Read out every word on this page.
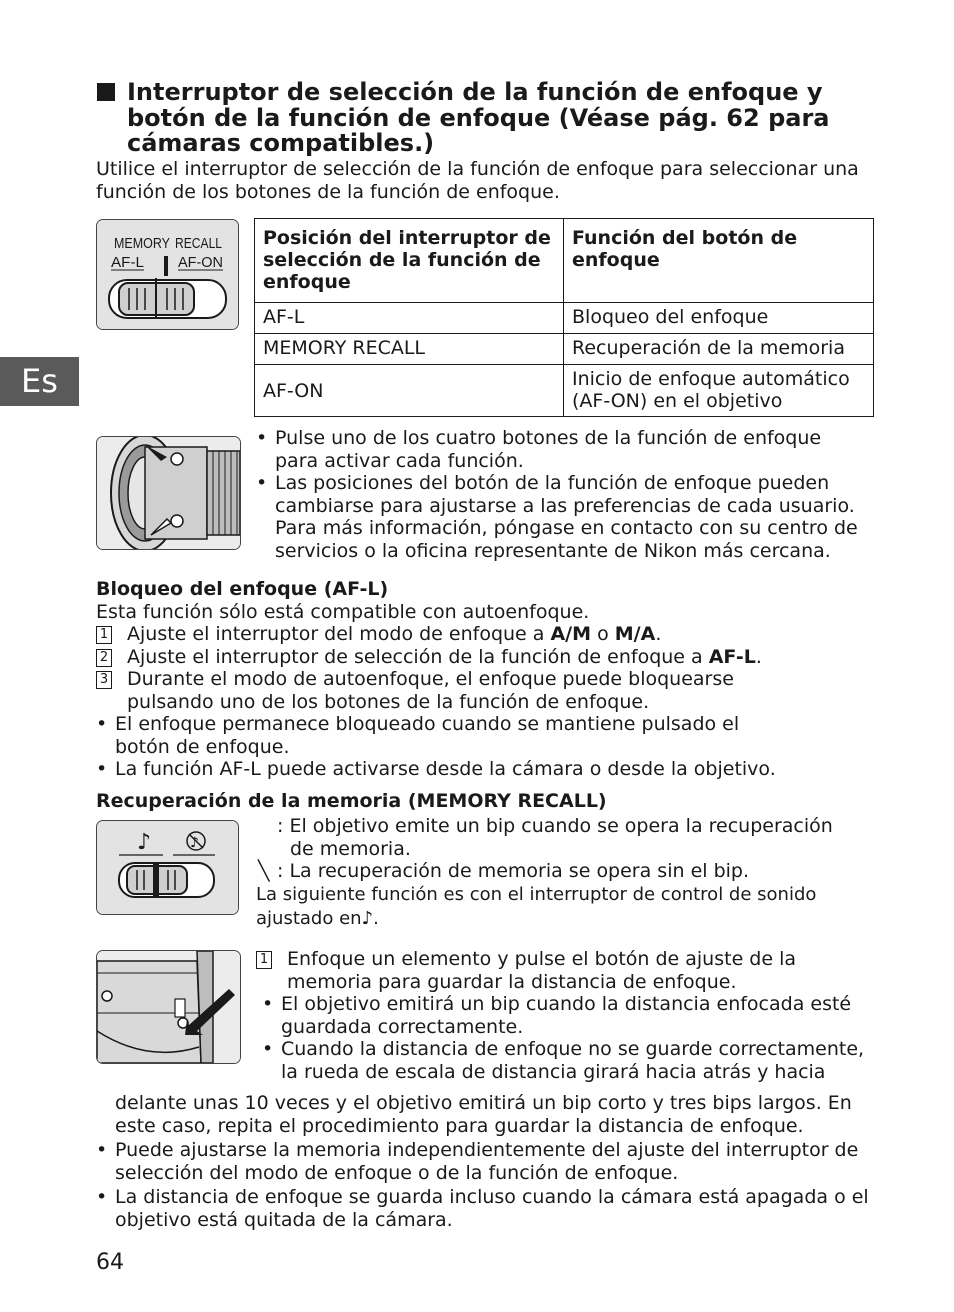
Es
Interruptor de selección de la función de enfoque y
botón de la función de enfoque (Véase pág. 62 para
cámaras compatibles.)
Utilice el interruptor de selección de la función de enfoque para seleccionar una
función de los botones de la función de enfoque.
MEMORY RECALL
AF-L AF-ON
Posición del interruptor de selección de la función de enfoque	Función del botón de enfoque
AF-L	Bloqueo del enfoque
MEMORY RECALL	Recuperación de la memoria
AF-ON	Inicio de enfoque automático (AF-ON) en el objetivo
• Pulse uno de los cuatro botones de la función de enfoque
para activar cada función.
• Las posiciones del botón de la función de enfoque pueden
cambiarse para ajustarse a las preferencias de cada usuario.
Para más información, póngase en contacto con su centro de
servicios o la oficina representante de Nikon más cercana.
Bloqueo del enfoque (AF-L)
Esta función sólo está compatible con autoenfoque.
1 Ajuste el interruptor del modo de enfoque a A/M o M/A.
2 Ajuste el interruptor de selección de la función de enfoque a AF-L.
3 Durante el modo de autoenfoque, el enfoque puede bloquearse
pulsando uno de los botones de la función de enfoque.
• El enfoque permanece bloqueado cuando se mantiene pulsado el
botón de enfoque.
• La función AF-L puede activarse desde la cámara o desde la objetivo.
Recuperación de la memoria (MEMORY RECALL)
♪	♪
: El objetivo emite un bip cuando se opera la recuperación
de memoria.
╲ : La recuperación de memoria se opera sin el bip.
La siguiente función es con el interruptor de control de sonido
ajustado en♪.
1 Enfoque un elemento y pulse el botón de ajuste de la
memoria para guardar la distancia de enfoque.
• El objetivo emitirá un bip cuando la distancia enfocada esté
guardada correctamente.
• Cuando la distancia de enfoque no se guarde correctamente,
la rueda de escala de distancia girará hacia atrás y hacia
delante unas 10 veces y el objetivo emitirá un bip corto y tres bips largos. En
este caso, repita el procedimiento para guardar la distancia de enfoque.
• Puede ajustarse la memoria independientemente del ajuste del interruptor de
selección del modo de enfoque o de la función de enfoque.
• La distancia de enfoque se guarda incluso cuando la cámara está apagada o el
objetivo está quitada de la cámara.
64
